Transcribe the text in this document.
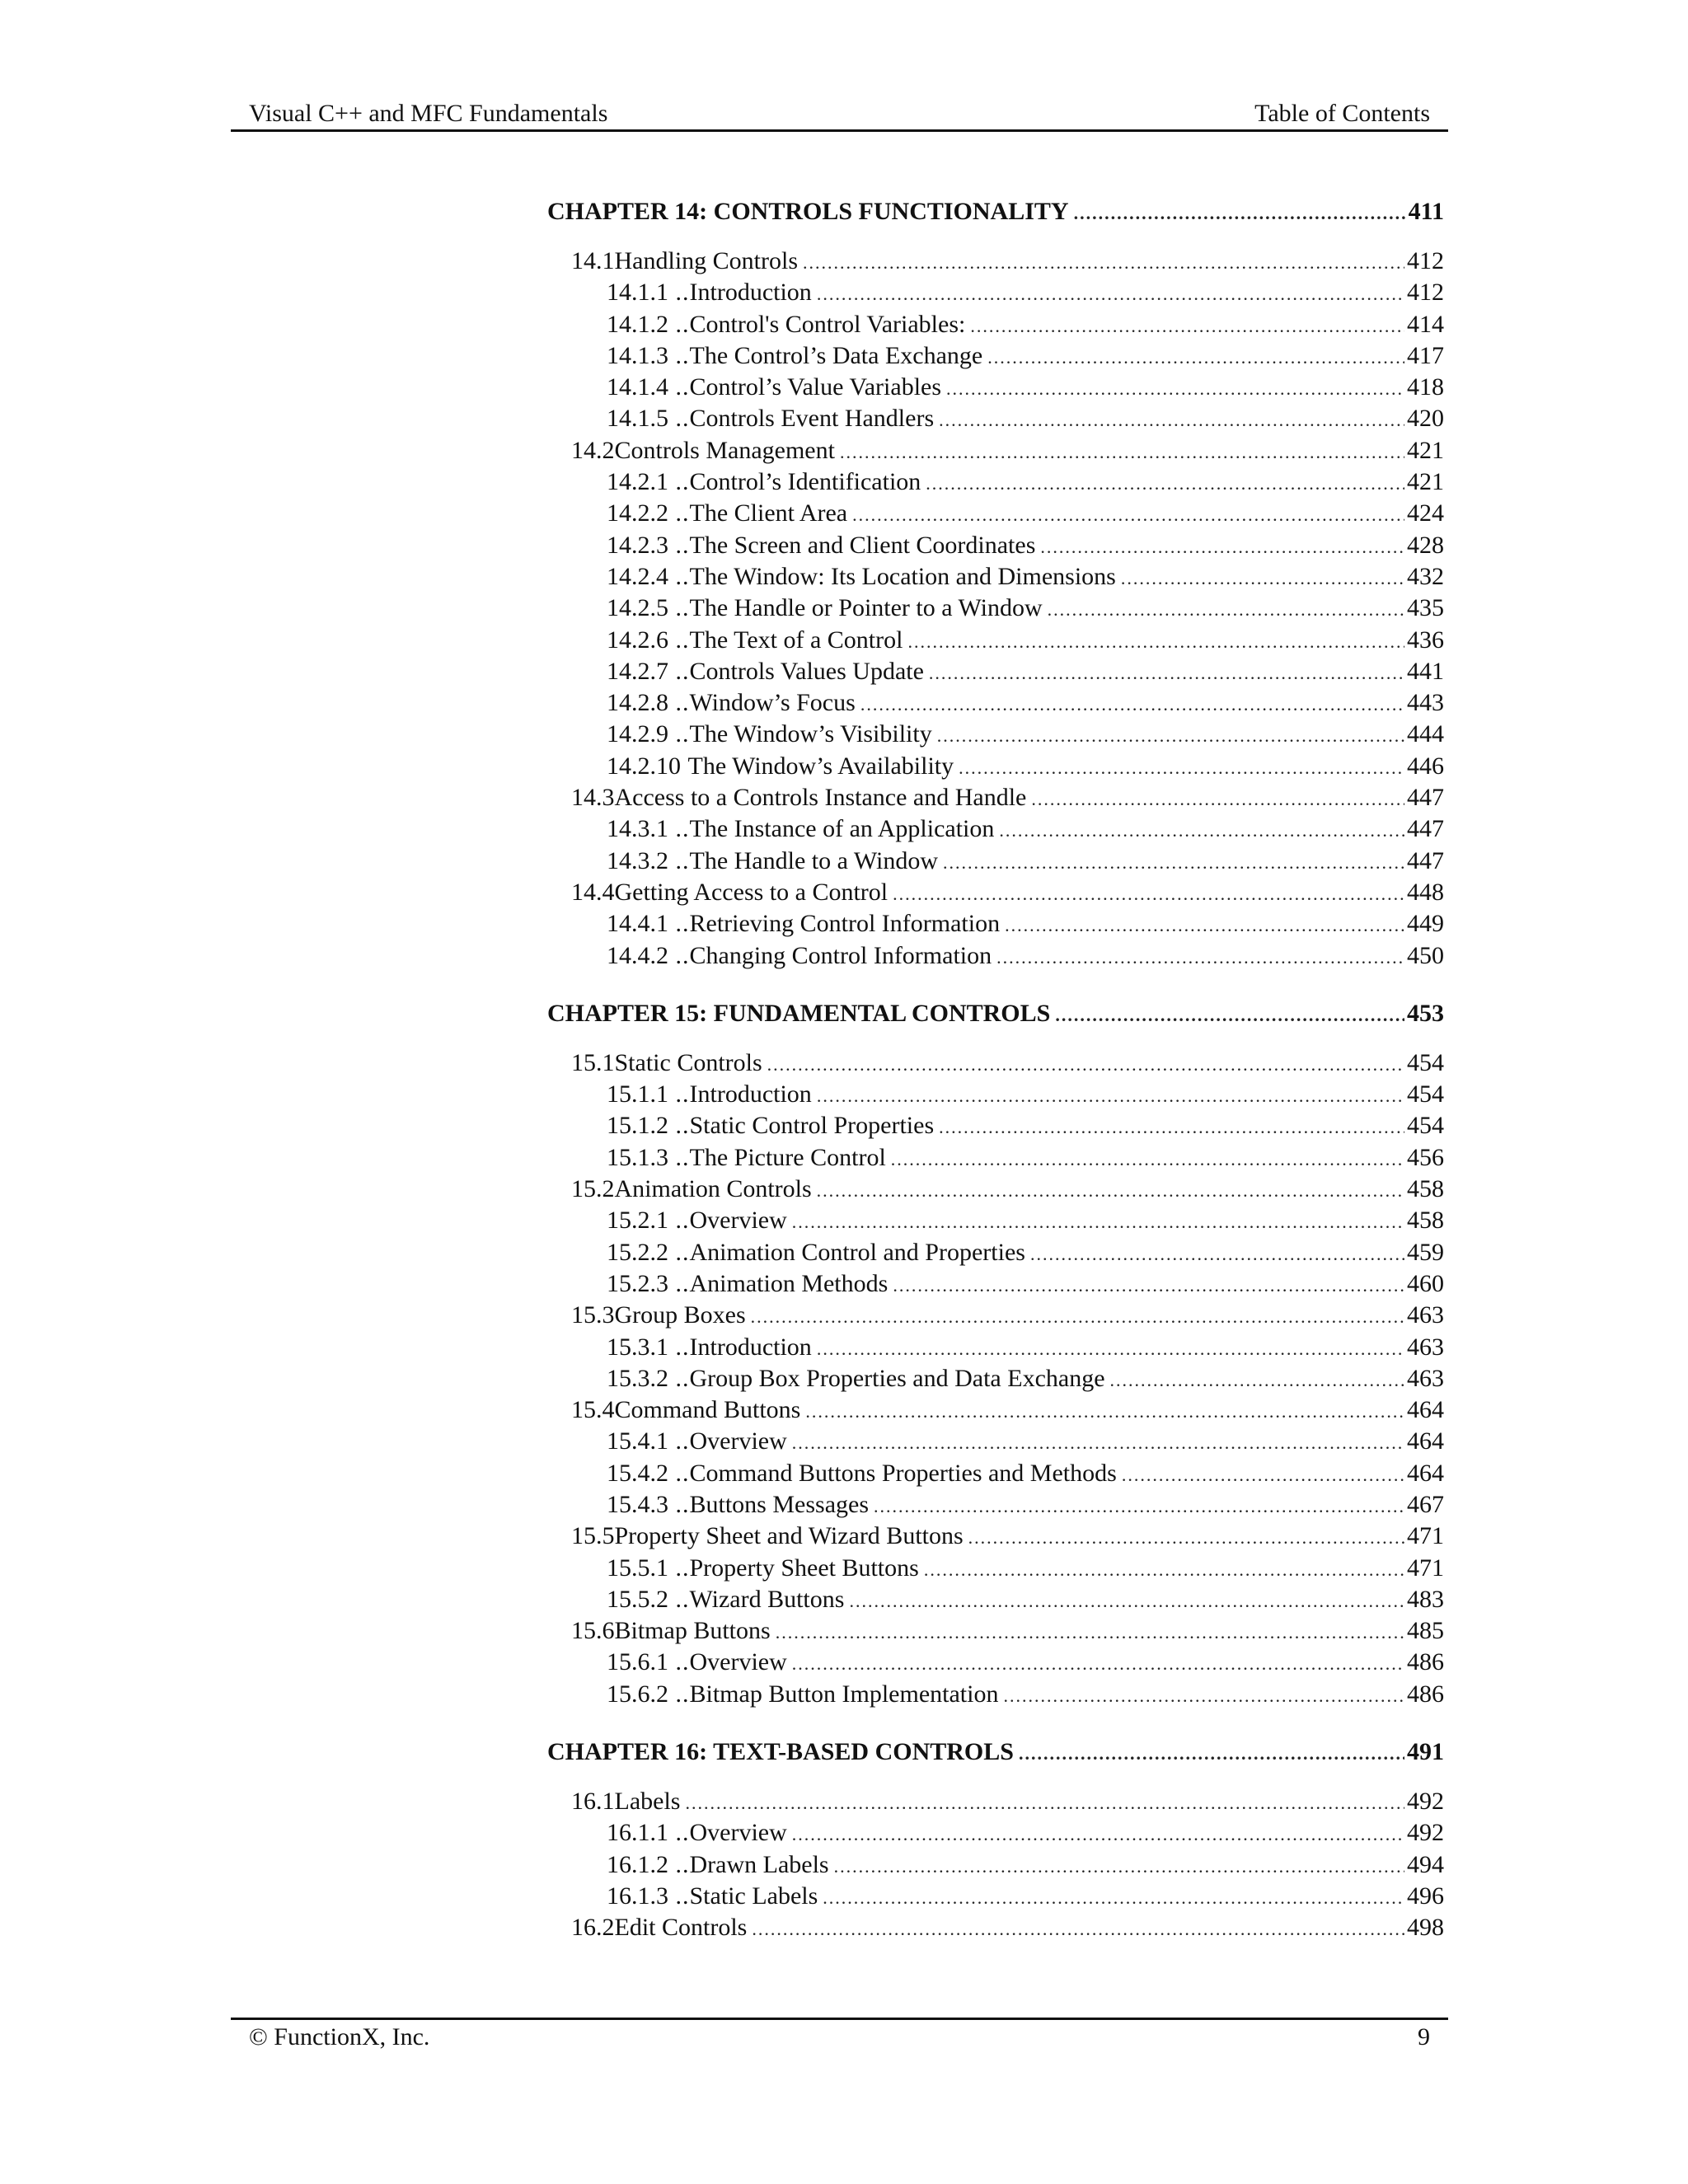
Visual C++ and MFC Fundamentals	Table of Contents
CHAPTER 14: CONTROLS FUNCTIONALITY .....	411
14.1 Handling Controls .....	412
14.1.1 .. Introduction .....	412
14.1.2 .. Control's Control Variables: .....	414
14.1.3 .. The Control’s Data Exchange .....	417
14.1.4 .. Control’s Value Variables .....	418
14.1.5 .. Controls Event Handlers .....	420
14.2 Controls Management .....	421
14.2.1 .. Control’s Identification .....	421
14.2.2 .. The Client Area .....	424
14.2.3 .. The Screen and Client Coordinates .....	428
14.2.4 .. The Window: Its Location and Dimensions .....	432
14.2.5 .. The Handle or Pointer to a Window .....	435
14.2.6 .. The Text of a Control .....	436
14.2.7 .. Controls Values Update .....	441
14.2.8 .. Window’s Focus .....	443
14.2.9 .. The Window’s Visibility .....	444
14.2.10 The Window’s Availability .....	446
14.3 Access to a Controls Instance and Handle .....	447
14.3.1 .. The Instance of an Application .....	447
14.3.2 .. The Handle to a Window .....	447
14.4 Getting Access to a Control .....	448
14.4.1 .. Retrieving Control Information .....	449
14.4.2 .. Changing Control Information .....	450
CHAPTER 15: FUNDAMENTAL CONTROLS .....	453
15.1 Static Controls .....	454
15.1.1 .. Introduction .....	454
15.1.2 .. Static Control Properties .....	454
15.1.3 .. The Picture Control .....	456
15.2 Animation Controls .....	458
15.2.1 .. Overview .....	458
15.2.2 .. Animation Control and Properties .....	459
15.2.3 .. Animation Methods .....	460
15.3 Group Boxes .....	463
15.3.1 .. Introduction .....	463
15.3.2 .. Group Box Properties and Data Exchange .....	463
15.4 Command Buttons .....	464
15.4.1 .. Overview .....	464
15.4.2 .. Command Buttons Properties and Methods .....	464
15.4.3 .. Buttons Messages .....	467
15.5 Property Sheet and Wizard Buttons .....	471
15.5.1 .. Property Sheet Buttons .....	471
15.5.2 .. Wizard Buttons .....	483
15.6 Bitmap Buttons .....	485
15.6.1 .. Overview .....	486
15.6.2 .. Bitmap Button Implementation .....	486
CHAPTER 16: TEXT-BASED CONTROLS .....	491
16.1 Labels .....	492
16.1.1 .. Overview .....	492
16.1.2 .. Drawn Labels .....	494
16.1.3 .. Static Labels .....	496
16.2 Edit Controls .....	498
© FunctionX, Inc.	9
